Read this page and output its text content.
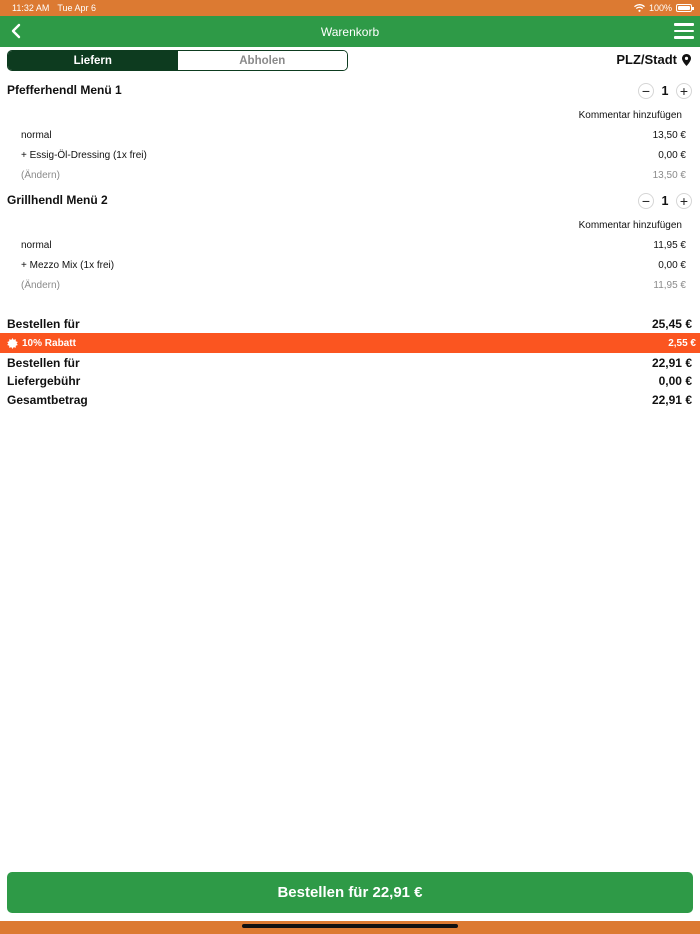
11:32 AM Tue Apr 6	100%
Warenkorb
Liefern	Abholen	PLZ/Stadt
Pfefferhendl Menü 1	− 1 +
Kommentar hinzufügen
normal	13,50 €
+ Essig-Öl-Dressing (1x frei)	0,00 €
(Ändern)	13,50 €
Grillhendl Menü 2	− 1 +
Kommentar hinzufügen
normal	11,95 €
+ Mezzo Mix (1x frei)	0,00 €
(Ändern)	11,95 €
Bestellen für	25,45 €
10% Rabatt	2,55 €
Bestellen für	22,91 €
Liefergebühr	0,00 €
Gesamtbetrag	22,91 €
Bestellen für 22,91 €
